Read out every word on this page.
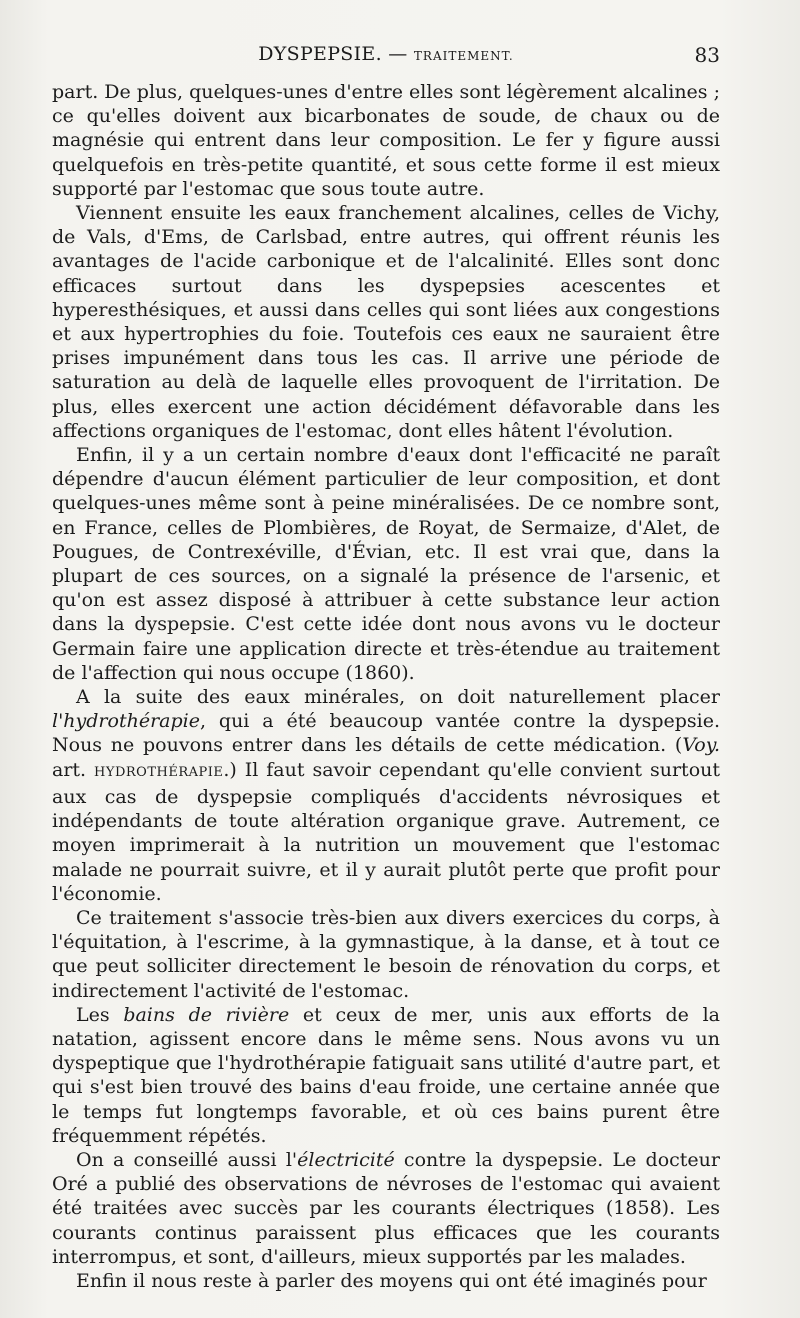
DYSPEPSIE. — TRAITEMENT.	83

part. De plus, quelques-unes d'entre elles sont légèrement alcalines ; ce qu'elles doivent aux bicarbonates de soude, de chaux ou de magnésie qui entrent dans leur composition. Le fer y figure aussi quelquefois en très-petite quantité, et sous cette forme il est mieux supporté par l'estomac que sous toute autre.

Viennent ensuite les eaux franchement alcalines, celles de Vichy, de Vals, d'Ems, de Carlsbad, entre autres, qui offrent réunis les avantages de l'acide carbonique et de l'alcalinité. Elles sont donc efficaces surtout dans les dyspepsies acescentes et hyperesthésiques, et aussi dans celles qui sont liées aux congestions et aux hypertrophies du foie. Toutefois ces eaux ne sauraient être prises impunément dans tous les cas. Il arrive une période de saturation au delà de laquelle elles provoquent de l'irritation. De plus, elles exercent une action décidément défavorable dans les affections organiques de l'estomac, dont elles hâtent l'évolution.

Enfin, il y a un certain nombre d'eaux dont l'efficacité ne paraît dépendre d'aucun élément particulier de leur composition, et dont quelques-unes même sont à peine minéralisées. De ce nombre sont, en France, celles de Plombières, de Royat, de Sermaize, d'Alet, de Pougues, de Contrexéville, d'Évian, etc. Il est vrai que, dans la plupart de ces sources, on a signalé la présence de l'arsenic, et qu'on est assez disposé à attribuer à cette substance leur action dans la dyspepsie. C'est cette idée dont nous avons vu le docteur Germain faire une application directe et très-étendue au traitement de l'affection qui nous occupe (1860).

A la suite des eaux minérales, on doit naturellement placer l'hydrothérapie, qui a été beaucoup vantée contre la dyspepsie. Nous ne pouvons entrer dans les détails de cette médication. (Voy. art. HYDROTHÉRAPIE.) Il faut savoir cependant qu'elle convient surtout aux cas de dyspepsie compliqués d'accidents névrosiques et indépendants de toute altération organique grave. Autrement, ce moyen imprimerait à la nutrition un mouvement que l'estomac malade ne pourrait suivre, et il y aurait plutôt perte que profit pour l'économie.

Ce traitement s'associe très-bien aux divers exercices du corps, à l'équitation, à l'escrime, à la gymnastique, à la danse, et à tout ce que peut solliciter directement le besoin de rénovation du corps, et indirectement l'activité de l'estomac.

Les bains de rivière et ceux de mer, unis aux efforts de la natation, agissent encore dans le même sens. Nous avons vu un dyspeptique que l'hydrothérapie fatiguait sans utilité d'autre part, et qui s'est bien trouvé des bains d'eau froide, une certaine année que le temps fut longtemps favorable, et où ces bains purent être fréquemment répétés.

On a conseillé aussi l'électricité contre la dyspepsie. Le docteur Oré a publié des observations de névroses de l'estomac qui avaient été traitées avec succès par les courants électriques (1858). Les courants continus paraissent plus efficaces que les courants interrompus, et sont, d'ailleurs, mieux supportés par les malades.

Enfin il nous reste à parler des moyens qui ont été imaginés pour
